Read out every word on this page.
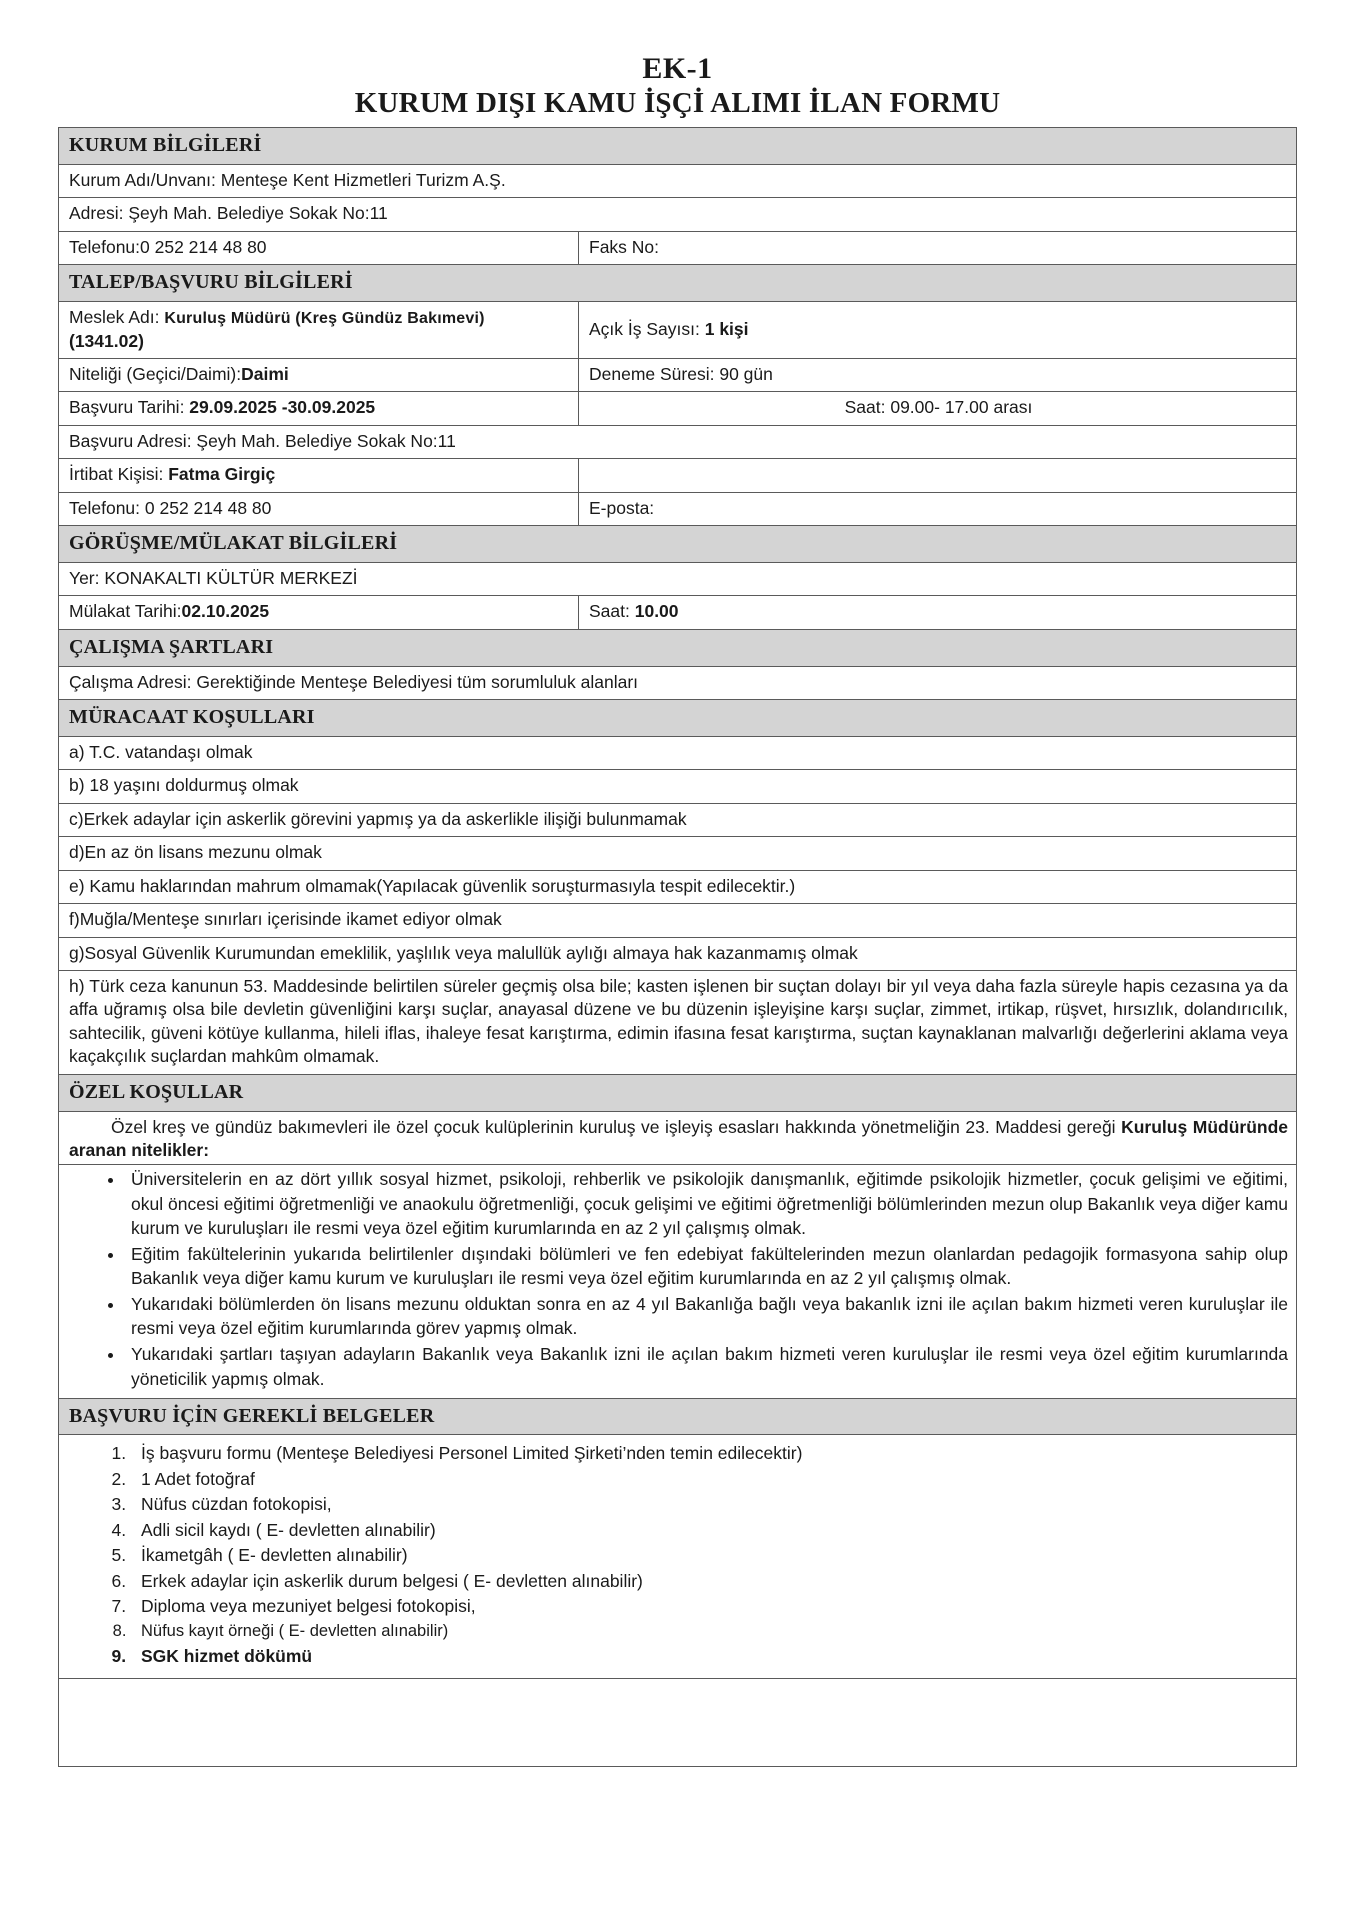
EK-1
KURUM DIŞI KAMU İŞÇİ ALIMI İLAN FORMU
KURUM BİLGİLERİ	
Kurum Adı/Unvanı: Menteşe Kent Hizmetleri Turizm A.Ş.	
Adresi: Şeyh Mah. Belediye Sokak No:11	
Telefonu:0 252 214 48 80	Faks No:
TALEP/BAŞVURU BİLGİLERİ	
Meslek Adı: Kuruluş Müdürü (Kreş Gündüz Bakımevi)
(1341.02)	Açık İş Sayısı: 1 kişi
Niteliği (Geçici/Daimi):Daimi	Deneme Süresi: 90 gün
Başvuru Tarihi: 29.09.2025 -30.09.2025	Saat: 09.00- 17.00 arası
Başvuru Adresi: Şeyh Mah. Belediye Sokak No:11	
İrtibat Kişisi: Fatma Girgiç	
Telefonu: 0 252 214 48 80	E-posta:
GÖRÜŞME/MÜLAKAT BİLGİLERİ	
Yer: KONAKALTI KÜLTÜR MERKEZİ	
Mülakat Tarihi:02.10.2025	Saat: 10.00
ÇALIŞMA ŞARTLARI	
Çalışma Adresi: Gerektiğinde Menteşe Belediyesi tüm sorumluluk alanları	
MÜRACAAT KOŞULLARI	
a) T.C. vatandaşı olmak	
b) 18 yaşını doldurmuş olmak	
c)Erkek adaylar için askerlik görevini yapmış ya da askerlikle ilişiği bulunmamak	
d)En az ön lisans mezunu olmak	
e) Kamu haklarından mahrum olmamak(Yapılacak güvenlik soruşturmasıyla tespit edilecektir.)	
f)Muğla/Menteşe sınırları içerisinde ikamet ediyor olmak	
g)Sosyal Güvenlik Kurumundan emeklilik, yaşlılık veya malullük aylığı almaya hak kazanmamış olmak	
h) Türk ceza kanunun 53. Maddesinde belirtilen süreler geçmiş olsa bile; kasten işlenen bir suçtan dolayı bir yıl veya daha fazla süreyle hapis cezasına ya da affa uğramış olsa bile devletin güvenliğini karşı suçlar, anayasal düzene ve bu düzenin işleyişine karşı suçlar, zimmet, irtikap, rüşvet, hırsızlık, dolandırıcılık, sahtecilik, güveni kötüye kullanma, hileli iflas, ihaleye fesat karıştırma, edimin ifasına fesat karıştırma, suçtan kaynaklanan malvarlığı değerlerini aklama veya kaçakçılık suçlardan mahkûm olmamak.	
ÖZEL KOŞULLAR	
Özel kreş ve gündüz bakımevleri ile özel çocuk kulüplerinin kuruluş ve işleyiş esasları hakkında yönetmeliğin 23. Maddesi gereği Kuruluş Müdüründe aranan nitelikler:	

• Üniversitelerin en az dört yıllık sosyal hizmet, psikoloji, rehberlik ve psikolojik danışmanlık, eğitimde psikolojik hizmetler, çocuk gelişimi ve eğitimi, okul öncesi eğitimi öğretmenliği ve anaokulu öğretmenliği, çocuk gelişimi ve eğitimi öğretmenliği bölümlerinden mezun olup Bakanlık veya diğer kamu kurum ve kuruluşları ile resmi veya özel eğitim kurumlarında en az 2 yıl çalışmış olmak.
• Eğitim fakültelerinin yukarıda belirtilenler dışındaki bölümleri ve fen edebiyat fakültelerinden mezun olanlardan pedagojik formasyona sahip olup Bakanlık veya diğer kamu kurum ve kuruluşları ile resmi veya özel eğitim kurumlarında en az 2 yıl çalışmış olmak.
• Yukarıdaki bölümlerden ön lisans mezunu olduktan sonra en az 4 yıl Bakanlığa bağlı veya bakanlık izni ile açılan bakım hizmeti veren kuruluşlar ile resmi veya özel eğitim kurumlarında görev yapmış olmak.
• Yukarıdaki şartları taşıyan adayların Bakanlık veya Bakanlık izni ile açılan bakım hizmeti veren kuruluşlar ile resmi veya özel eğitim kurumlarında yöneticilik yapmış olmak.

BAŞVURU İÇİN GEREKLİ BELGELER	

1. İş başvuru formu (Menteşe Belediyesi Personel Limited Şirketi’nden temin edilecektir)
2. 1 Adet fotoğraf
3. Nüfus cüzdan fotokopisi,
4. Adli sicil kaydı ( E- devletten alınabilir)
5. İkametgâh ( E- devletten alınabilir)
6. Erkek adaylar için askerlik durum belgesi ( E- devletten alınabilir)
7. Diploma veya mezuniyet belgesi fotokopisi,
8. Nüfus kayıt örneği ( E- devletten alınabilir)
9. SGK hizmet dökümü
